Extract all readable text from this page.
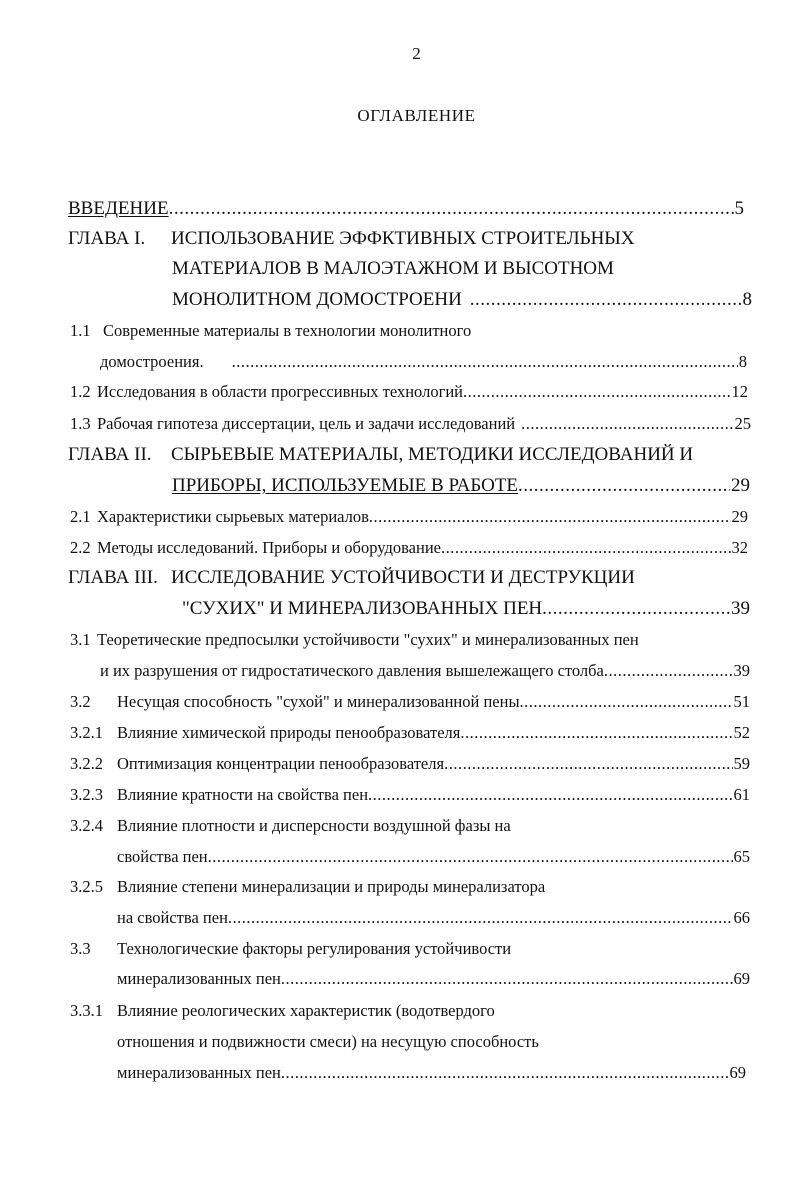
2
ОГЛАВЛЕНИЕ
ВВЕДЕНИЕ .....	5
ГЛАВА I.	ИСПОЛЬЗОВАНИЕ ЭФФКТИВНЫХ СТРОИТЕЛЬНЫХ
МАТЕРИАЛОВ В МАЛОЭТАЖНОМ И ВЫСОТНОМ
МОНОЛИТНОМ ДОМОСТРОЕНИ .....	8
1.1 Современные материалы в технологии монолитного
домостроения. .....	8
1.2 Исследования в области прогрессивных технологий .....	12
1.3 Рабочая гипотеза диссертации, цель и задачи исследований .....	25
ГЛАВА II.	СЫРЬЕВЫЕ МАТЕРИАЛЫ, МЕТОДИКИ ИССЛЕДОВАНИЙ И
ПРИБОРЫ, ИСПОЛЬЗУЕМЫЕ В РАБОТЕ .....	29
2.1 Характеристики сырьевых материалов .....	29
2.2 Методы исследований. Приборы и оборудование .....	32
ГЛАВА III. ИССЛЕДОВАНИЕ УСТОЙЧИВОСТИ И ДЕСТРУКЦИИ
"СУХИХ" И МИНЕРАЛИЗОВАННЫХ ПЕН .....	39
3.1 Теоретические предпосылки устойчивости "сухих" и минерализованных пен
и их разрушения от гидростатического давления вышележащего столба .....	39
3.2	Несущая способность "сухой" и минерализованной пены .....	51
3.2.1 Влияние химической природы пенообразователя .....	52
3.2.2 Оптимизация концентрации пенообразователя .....	59
3.2.3 Влияние кратности на свойства пен .....	61
3.2.4 Влияние плотности и дисперсности воздушной фазы на
свойства пен .....	65
3.2.5 Влияние степени минерализации и природы минерализатора
на свойства пен .....	66
3.3	Технологические факторы регулирования устойчивости
минерализованных пен .....	69
3.3.1 Влияние реологических характеристик (водотвердого
отношения и подвижности смеси) на несущую способность
минерализованных пен .....	69
